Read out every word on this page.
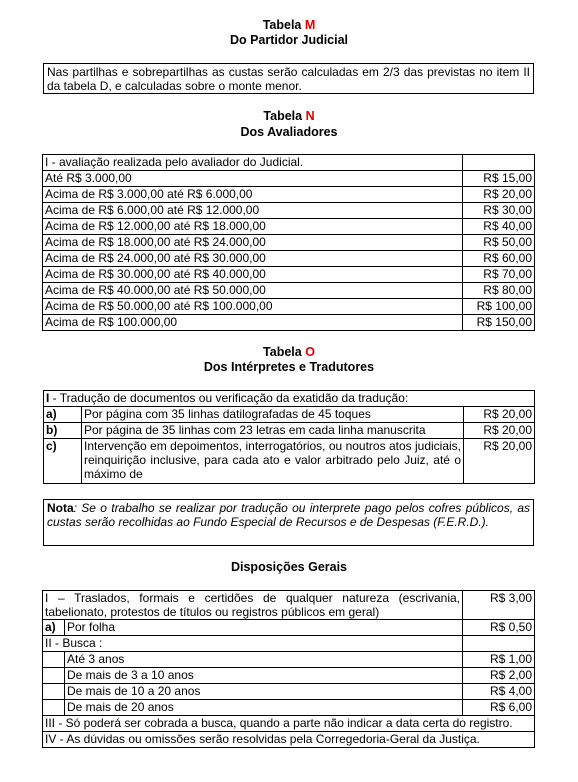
Tabela M
Do Partidor Judicial
Nas partilhas e sobrepartilhas as custas serão calculadas em 2/3 das previstas no item II da tabela D, e calculadas sobre o monte menor.
Tabela N
Dos Avaliadores
I - avaliação realizada pelo avaliador do Judicial.	
Até R$ 3.000,00	R$ 15,00
Acima de R$ 3.000,00 até R$ 6.000,00	R$ 20,00
Acima de R$ 6.000,00 até R$ 12.000,00	R$ 30,00
Acima de R$ 12.000,00 até R$ 18.000,00	R$ 40,00
Acima de R$ 18.000,00 até R$ 24.000,00	R$ 50,00
Acima de R$ 24.000,00 até R$ 30.000,00	R$ 60,00
Acima de R$ 30.000,00 até R$ 40.000,00	R$ 70,00
Acima de R$ 40.000,00 até R$ 50.000,00	R$ 80,00
Acima de R$ 50.000,00 até R$ 100.000,00	R$ 100,00
Acima de R$ 100.000,00	R$ 150,00
Tabela O
Dos Intérpretes e Tradutores
I - Tradução de documentos ou verificação da exatidão da tradução:		
a)	Por página com 35 linhas datilografadas de 45 toques	R$ 20,00
b)	Por página de 35 linhas com 23 letras em cada linha manuscrita	R$ 20,00
c)	Intervenção em depoimentos, interrogatórios, ou noutros atos judiciais, reinquirição inclusive, para cada ato e valor arbitrado pelo Juiz, até o máximo de	R$ 20,00
Nota: Se o trabalho se realizar por tradução ou interprete pago pelos cofres públicos, as custas serão recolhidas ao Fundo Especial de Recursos e de Despesas (F.E.R.D.).
Disposições Gerais
I – Traslados, formais e certidões de qualquer natureza (escrivania, tabelionato, protestos de títulos ou registros públicos em geral)		R$ 3,00
a)	Por folha	R$ 0,50
II - Busca :		
	Até 3 anos	R$ 1,00
	De mais de 3 a 10 anos	R$ 2,00
	De mais de 10 a 20 anos	R$ 4,00
	De mais de 20 anos	R$ 6,00
III - Só poderá ser cobrada a busca, quando a parte não indicar a data certa do registro.		
IV - As dúvidas ou omissões serão resolvidas pela Corregedoria-Geral da Justiça.		
